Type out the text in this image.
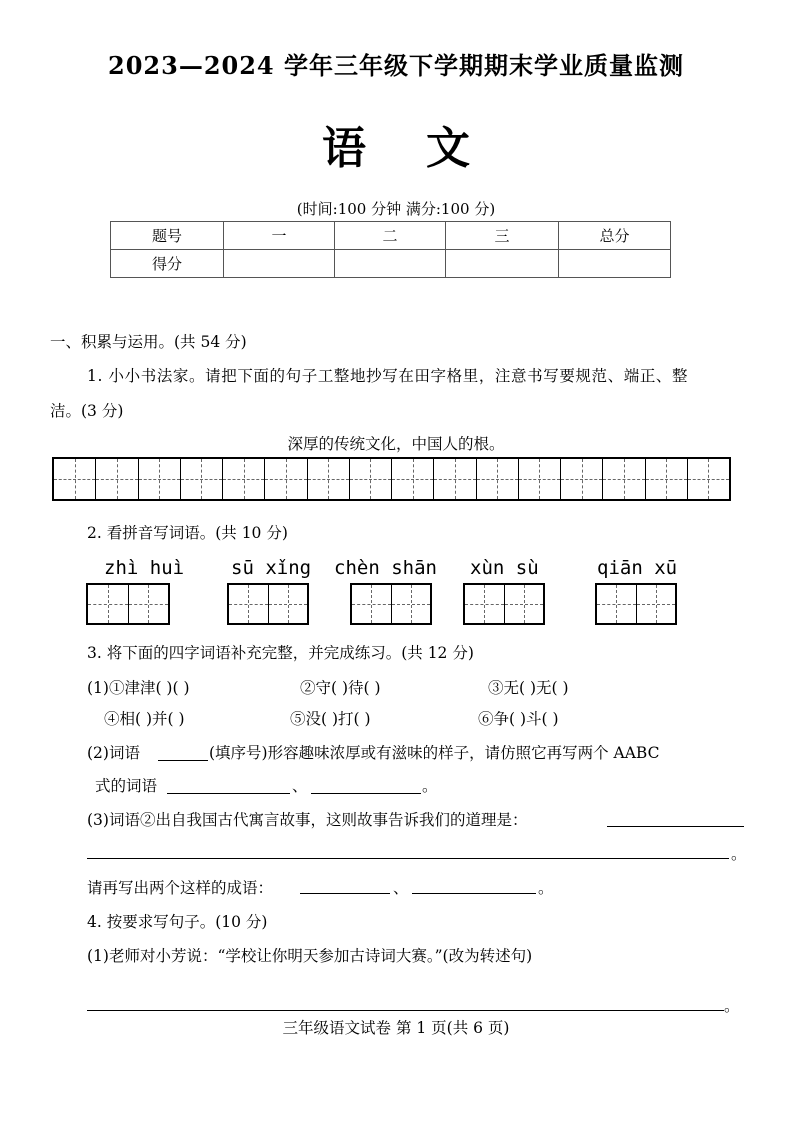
2023—2024 学年三年级下学期期末学业质量监测
语文
(时间:100 分钟 满分:100 分)
题号	一	二	三	总分
得分				
一、积累与运用。(共 54 分)
1. 小小书法家。请把下面的句子工整地抄写在田字格里，注意书写要规范、端正、整
洁。(3 分)
深厚的传统文化，中国人的根。
2. 看拼音写词语。(共 10 分)
zhì huì sū xǐng chèn shān xùn sù	qiān xū
3. 将下面的四字词语补充完整，并完成练习。(共 12 分)
(1)①津津( )( )	②守( )待( )	③无( )无( )
④相( )并( )	⑤没( )打( )	⑥争( )斗( )
(2)词语	(填序号)形容趣味浓厚或有滋味的样子，请仿照它再写两个 AABC
式的词语	、	。
(3)词语②出自我国古代寓言故事，这则故事告诉我们的道理是：
。
请再写出两个这样的成语：	、	。
4. 按要求写句子。(10 分)
(1)老师对小芳说：“学校让你明天参加古诗词大赛。”(改为转述句)
。
三年级语文试卷 第 1 页(共 6 页)
